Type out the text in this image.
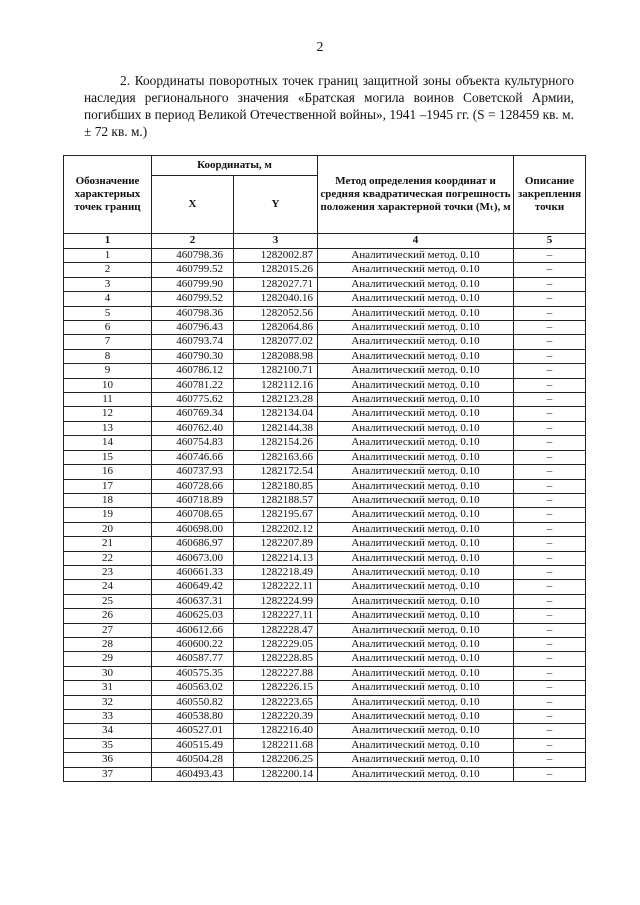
2
2. Координаты поворотных точек границ защитной зоны объекта культурного наследия регионального значения «Братская могила воинов Советской Армии, погибших в период Великой Отечественной войны», 1941 –1945 гг. (S = 128459 кв. м. ± 72 кв. м.)
Обозначение характерных точек границ	Координаты, м		Метод определения координат и средняя квадратическая погрешность положения характерной точки (Mₜ), м	Описание закрепления точки
	X	Y		
1	2	3	4	5
1	460798.36	1282002.87	Аналитический метод. 0.10	–
2	460799.52	1282015.26	Аналитический метод. 0.10	–
3	460799.90	1282027.71	Аналитический метод. 0.10	–
4	460799.52	1282040.16	Аналитический метод. 0.10	–
5	460798.36	1282052.56	Аналитический метод. 0.10	–
6	460796.43	1282064.86	Аналитический метод. 0.10	–
7	460793.74	1282077.02	Аналитический метод. 0.10	–
8	460790.30	1282088.98	Аналитический метод. 0.10	–
9	460786.12	1282100.71	Аналитический метод. 0.10	–
10	460781.22	1282112.16	Аналитический метод. 0.10	–
11	460775.62	1282123.28	Аналитический метод. 0.10	–
12	460769.34	1282134.04	Аналитический метод. 0.10	–
13	460762.40	1282144.38	Аналитический метод. 0.10	–
14	460754.83	1282154.26	Аналитический метод. 0.10	–
15	460746.66	1282163.66	Аналитический метод. 0.10	–
16	460737.93	1282172.54	Аналитический метод. 0.10	–
17	460728.66	1282180.85	Аналитический метод. 0.10	–
18	460718.89	1282188.57	Аналитический метод. 0.10	–
19	460708.65	1282195.67	Аналитический метод. 0.10	–
20	460698.00	1282202.12	Аналитический метод. 0.10	–
21	460686.97	1282207.89	Аналитический метод. 0.10	–
22	460673.00	1282214.13	Аналитический метод. 0.10	–
23	460661.33	1282218.49	Аналитический метод. 0.10	–
24	460649.42	1282222.11	Аналитический метод. 0.10	–
25	460637.31	1282224.99	Аналитический метод. 0.10	–
26	460625.03	1282227.11	Аналитический метод. 0.10	–
27	460612.66	1282228.47	Аналитический метод. 0.10	–
28	460600.22	1282229.05	Аналитический метод. 0.10	–
29	460587.77	1282228.85	Аналитический метод. 0.10	–
30	460575.35	1282227.88	Аналитический метод. 0.10	–
31	460563.02	1282226.15	Аналитический метод. 0.10	–
32	460550.82	1282223.65	Аналитический метод. 0.10	–
33	460538.80	1282220.39	Аналитический метод. 0.10	–
34	460527.01	1282216.40	Аналитический метод. 0.10	–
35	460515.49	1282211.68	Аналитический метод. 0.10	–
36	460504.28	1282206.25	Аналитический метод. 0.10	–
37	460493.43	1282200.14	Аналитический метод. 0.10	–
